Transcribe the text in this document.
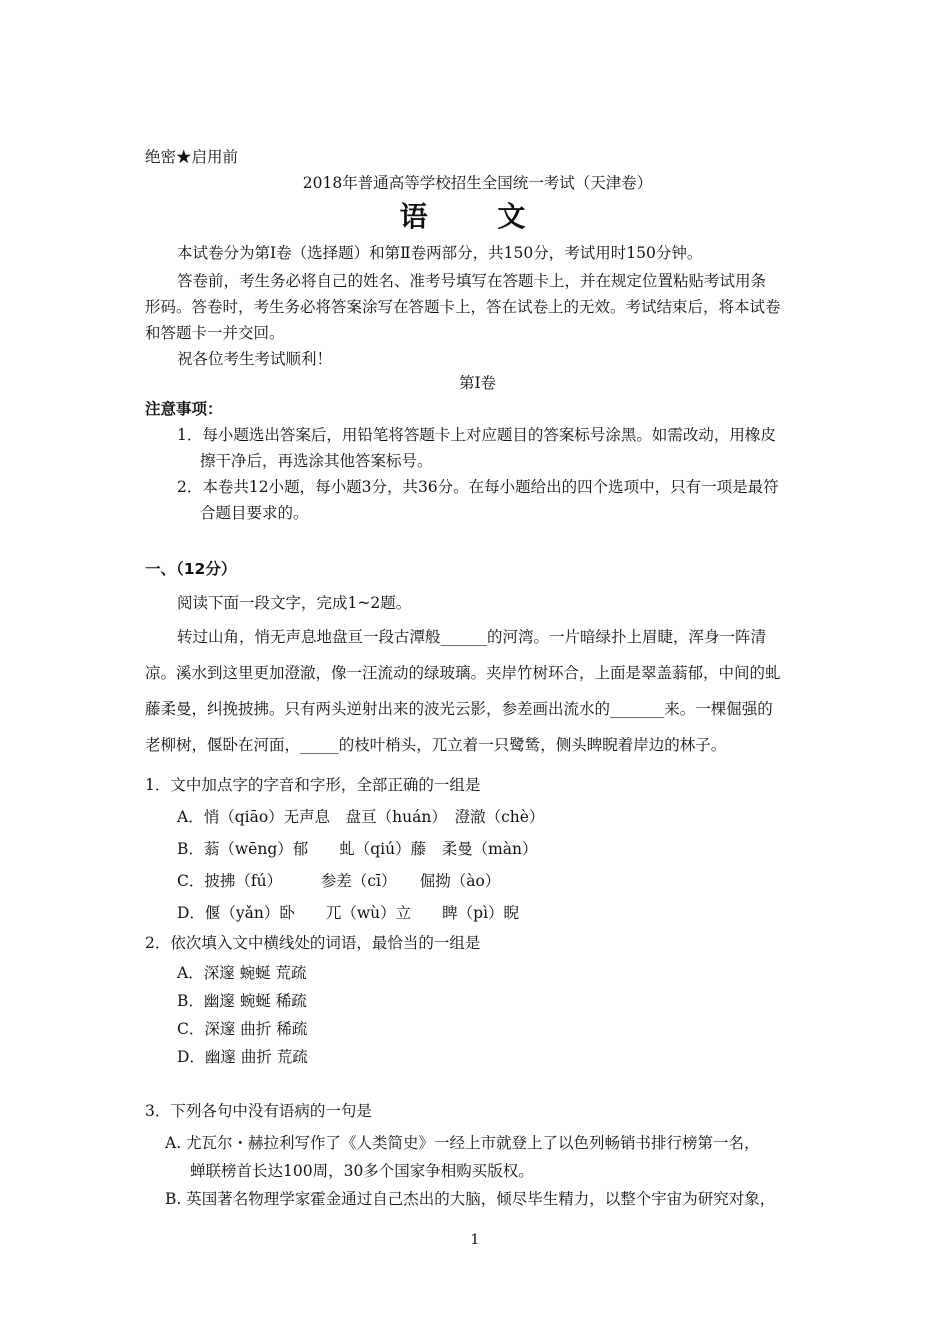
绝密★启用前
2018年普通高等学校招生全国统一考试（天津卷）
语 文
本试卷分为第Ⅰ卷（选择题）和第Ⅱ卷两部分，共150分，考试用时150分钟。
答卷前，考生务必将自己的姓名、准考号填写在答题卡上，并在规定位置粘贴考试用条
形码。答卷时，考生务必将答案涂写在答题卡上，答在试卷上的无效。考试结束后，将本试卷
和答题卡一并交回。
祝各位考生考试顺利！
第Ⅰ卷
注意事项：
1．每小题选出答案后，用铅笔将答题卡上对应题目的答案标号涂黑。如需改动，用橡皮
擦干净后，再选涂其他答案标号。
2．本卷共12小题，每小题3分，共36分。在每小题给出的四个选项中，只有一项是最符
合题目要求的。
一、（12分）
阅读下面一段文字，完成1~2题。
转过山角，悄无声息地盘亘一段古潭般______的河湾。一片暗绿扑上眉睫，浑身一阵清
凉。溪水到这里更加澄澈，像一汪流动的绿玻璃。夹岸竹树环合，上面是翠盖蓊郁，中间的虬
藤柔曼，纠挽披拂。只有两头逆射出来的波光云影，参差画出流水的_______来。一棵倔强的
老柳树，偃卧在河面，_____的枝叶梢头，兀立着一只鹭鸶，侧头睥睨着岸边的林子。
1．文中加点字的字音和字形，全部正确的一组是
A．悄（qiāo）无声息　盘亘（huán）　澄澈（chè）
B．蓊（wēng）郁　　虬（qiú）藤　柔曼（màn）
C．披拂（fú）　　　参差（cī）　　倔拗（ào）
D．偃（yǎn）卧　　兀（wù）立　　睥（pì）睨
2．依次填入文中横线处的词语，最恰当的一组是
A．深邃 蜿蜒 荒疏
B．幽邃 蜿蜒 稀疏
C．深邃 曲折 稀疏
D．幽邃 曲折 荒疏
3．下列各句中没有语病的一句是
A. 尤瓦尔・赫拉利写作了《人类简史》一经上市就登上了以色列畅销书排行榜第一名，
蝉联榜首长达100周，30多个国家争相购买版权。
B. 英国著名物理学家霍金通过自己杰出的大脑，倾尽毕生精力，以整个宇宙为研究对象，
1
